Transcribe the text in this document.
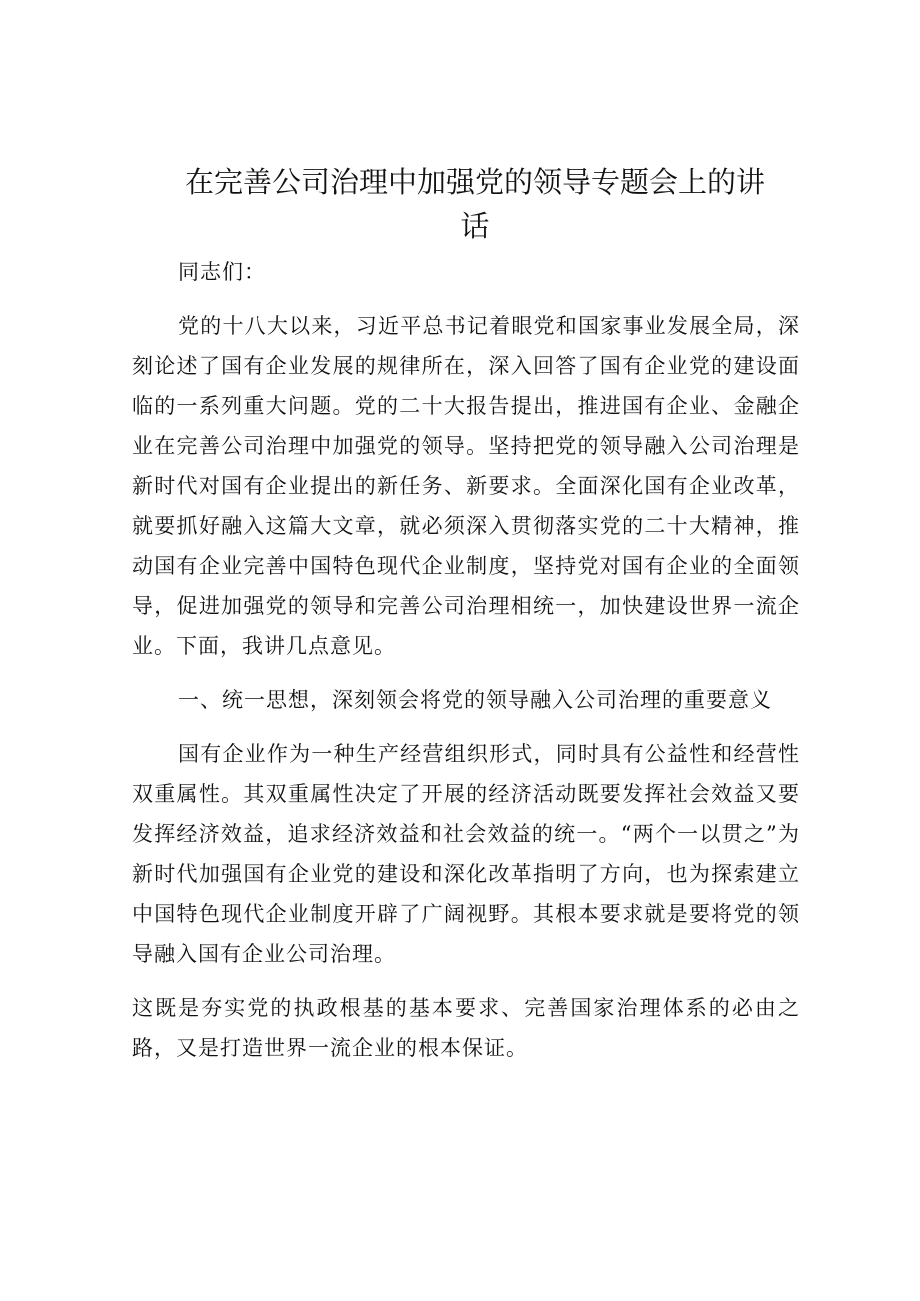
在完善公司治理中加强党的领导专题会上的讲
话

同志们：

党的十八大以来，习近平总书记着眼党和国家事业发展全局，深刻论述了国有企业发展的规律所在，深入回答了国有企业党的建设面临的一系列重大问题。党的二十大报告提出，推进国有企业、金融企业在完善公司治理中加强党的领导。坚持把党的领导融入公司治理是新时代对国有企业提出的新任务、新要求。全面深化国有企业改革，就要抓好融入这篇大文章，就必须深入贯彻落实党的二十大精神，推动国有企业完善中国特色现代企业制度，坚持党对国有企业的全面领导，促进加强党的领导和完善公司治理相统一，加快建设世界一流企业。下面，我讲几点意见。

一、统一思想，深刻领会将党的领导融入公司治理的重要意义

国有企业作为一种生产经营组织形式，同时具有公益性和经营性双重属性。其双重属性决定了开展的经济活动既要发挥社会效益又要发挥经济效益，追求经济效益和社会效益的统一。“两个一以贯之”为新时代加强国有企业党的建设和深化改革指明了方向，也为探索建立中国特色现代企业制度开辟了广阔视野。其根本要求就是要将党的领导融入国有企业公司治理。

这既是夯实党的执政根基的基本要求、完善国家治理体系的必由之路，又是打造世界一流企业的根本保证。
